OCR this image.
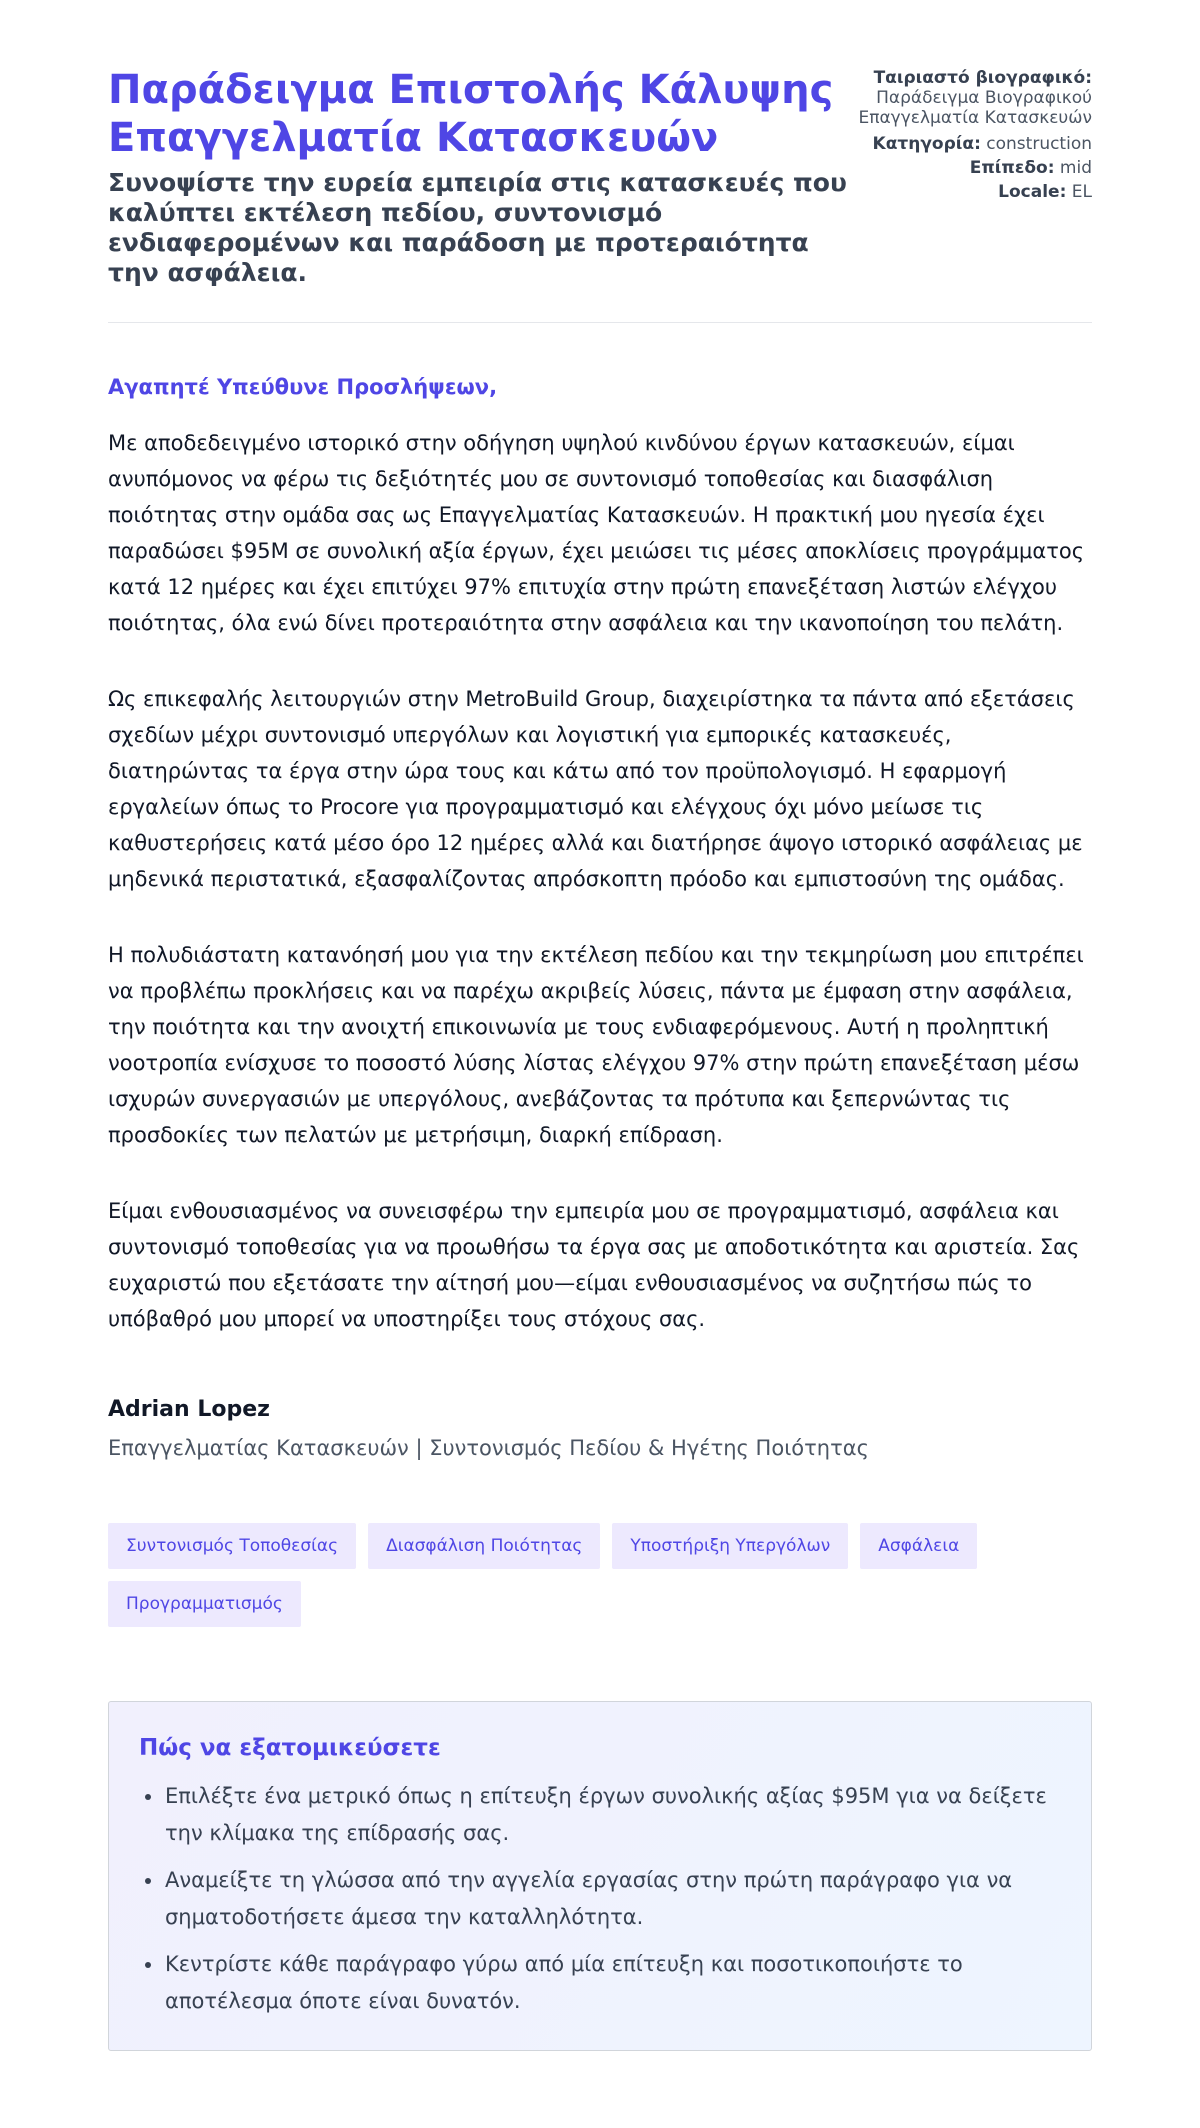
Παράδειγμα Επιστολής Κάλυψης Επαγγελματία Κατασκευών
Συνοψίστε την ευρεία εμπειρία στις κατασκευές που καλύπτει εκτέλεση πεδίου, συντονισμό ενδιαφερομένων και παράδοση με προτεραιότητα την ασφάλεια.
Ταιριαστό βιογραφικό:
Παράδειγμα Βιογραφικού Επαγγελματία Κατασκευών
Κατηγορία: construction
Επίπεδο: mid
Locale: EL

Αγαπητέ Υπεύθυνε Προσλήψεων,

Με αποδεδειγμένο ιστορικό στην οδήγηση υψηλού κινδύνου έργων κατασκευών, είμαι ανυπόμονος να φέρω τις δεξιότητές μου σε συντονισμό τοποθεσίας και διασφάλιση ποιότητας στην ομάδα σας ως Επαγγελματίας Κατασκευών. Η πρακτική μου ηγεσία έχει παραδώσει $95M σε συνολική αξία έργων, έχει μειώσει τις μέσες αποκλίσεις προγράμματος κατά 12 ημέρες και έχει επιτύχει 97% επιτυχία στην πρώτη επανεξέταση λιστών ελέγχου ποιότητας, όλα ενώ δίνει προτεραιότητα στην ασφάλεια και την ικανοποίηση του πελάτη.

Ως επικεφαλής λειτουργιών στην MetroBuild Group, διαχειρίστηκα τα πάντα από εξετάσεις σχεδίων μέχρι συντονισμό υπεργόλων και λογιστική για εμπορικές κατασκευές, διατηρώντας τα έργα στην ώρα τους και κάτω από τον προϋπολογισμό. Η εφαρμογή εργαλείων όπως το Procore για προγραμματισμό και ελέγχους όχι μόνο μείωσε τις καθυστερήσεις κατά μέσο όρο 12 ημέρες αλλά και διατήρησε άψογο ιστορικό ασφάλειας με μηδενικά περιστατικά, εξασφαλίζοντας απρόσκοπτη πρόοδο και εμπιστοσύνη της ομάδας.

Η πολυδιάστατη κατανόησή μου για την εκτέλεση πεδίου και την τεκμηρίωση μου επιτρέπει να προβλέπω προκλήσεις και να παρέχω ακριβείς λύσεις, πάντα με έμφαση στην ασφάλεια, την ποιότητα και την ανοιχτή επικοινωνία με τους ενδιαφερόμενους. Αυτή η προληπτική νοοτροπία ενίσχυσε το ποσοστό λύσης λίστας ελέγχου 97% στην πρώτη επανεξέταση μέσω ισχυρών συνεργασιών με υπεργόλους, ανεβάζοντας τα πρότυπα και ξεπερνώντας τις προσδοκίες των πελατών με μετρήσιμη, διαρκή επίδραση.

Είμαι ενθουσιασμένος να συνεισφέρω την εμπειρία μου σε προγραμματισμό, ασφάλεια και συντονισμό τοποθεσίας για να προωθήσω τα έργα σας με αποδοτικότητα και αριστεία. Σας ευχαριστώ που εξετάσατε την αίτησή μου—είμαι ενθουσιασμένος να συζητήσω πώς το υπόβαθρό μου μπορεί να υποστηρίξει τους στόχους σας.

Adrian Lopez
Επαγγελματίας Κατασκευών | Συντονισμός Πεδίου & Ηγέτης Ποιότητας
Συντονισμός Τοποθεσίας	Διασφάλιση Ποιότητας	Υποστήριξη Υπεργόλων	Ασφάλεια
Προγραμματισμός
Πώς να εξατομικεύσετε
Επιλέξτε ένα μετρικό όπως η επίτευξη έργων συνολικής αξίας $95M για να δείξετε την κλίμακα της επίδρασής σας.
Αναμείξτε τη γλώσσα από την αγγελία εργασίας στην πρώτη παράγραφο για να σηματοδοτήσετε άμεσα την καταλληλότητα.
Κεντρίστε κάθε παράγραφο γύρω από μία επίτευξη και ποσοτικοποιήστε το αποτέλεσμα όποτε είναι δυνατόν.
